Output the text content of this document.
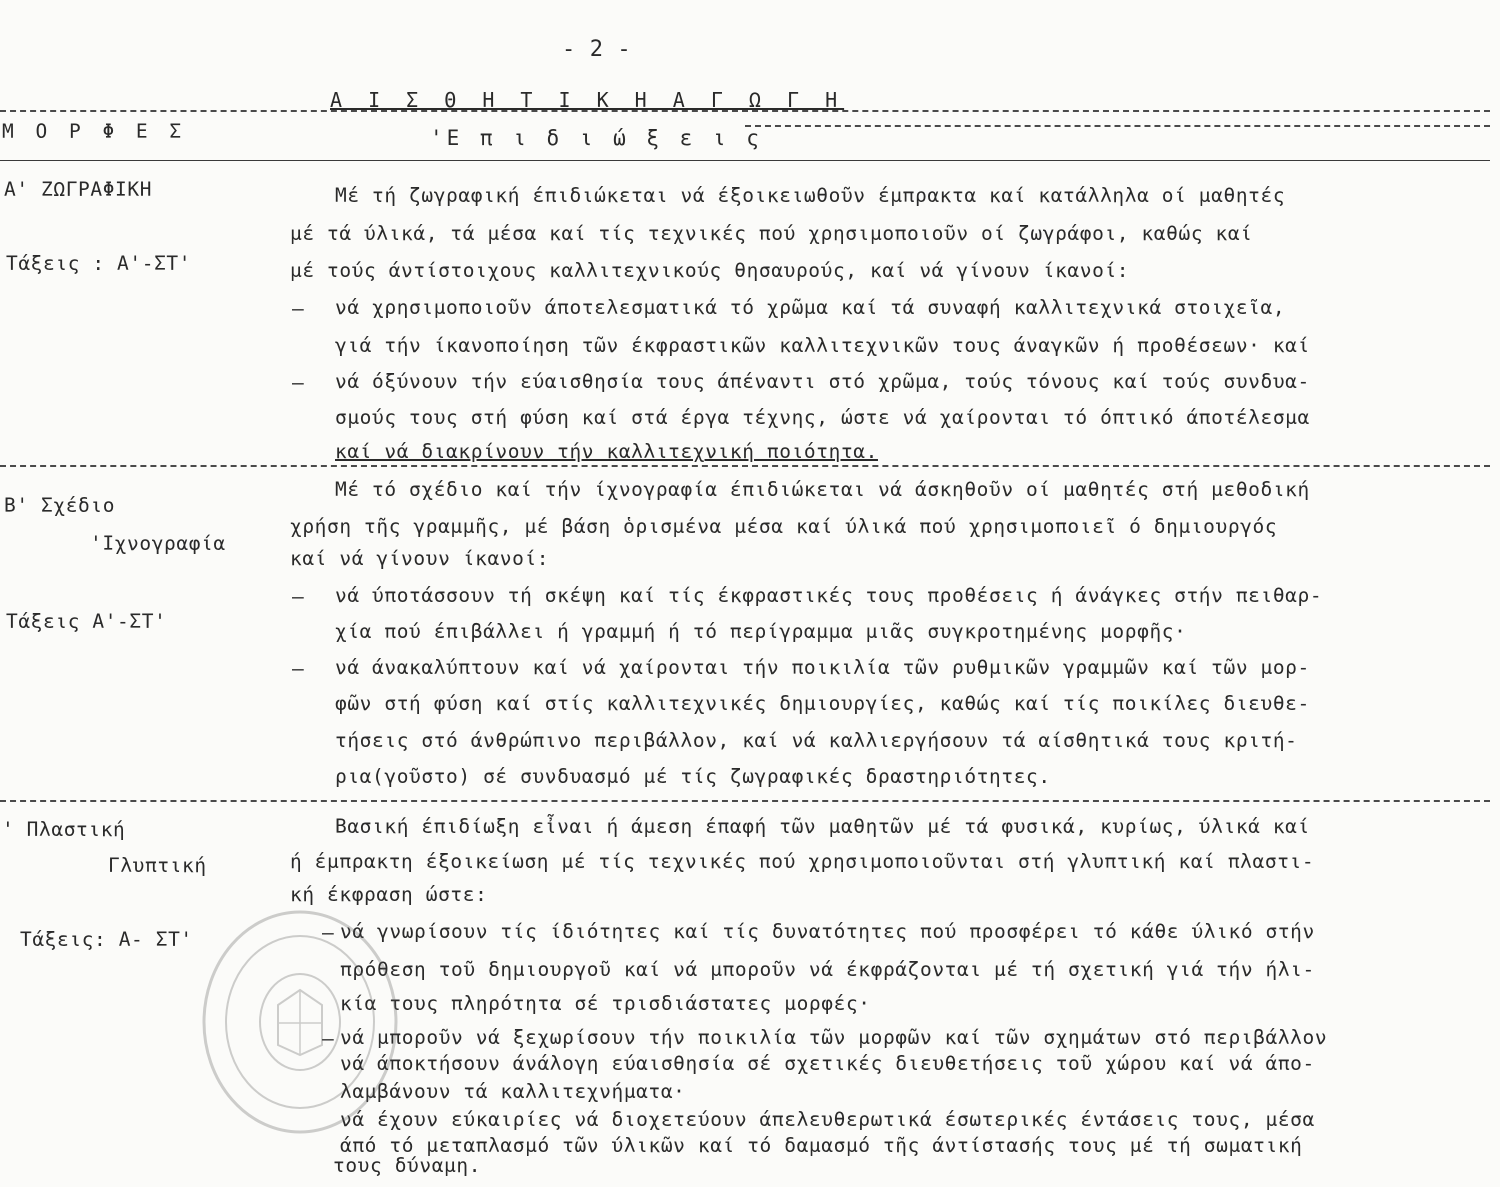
- 2 -
Α Ι Σ Θ Η Τ Ι Κ Η Α Γ Ω Γ Η
Μ Ο Ρ Φ Ε Σ	'Ε π ι δ ι ώ ξ ε ι ς
Α' ΖΩΓΡΑΦΙΚΗ
Τάξεις : Α'-ΣΤ'
Μέ τή ζωγραφική έπιδιώκεται νά έξοικειωθοῦν έμπρακτα καί κατάλληλα οί μαθητές
μέ τά ύλικά, τά μέσα καί τίς τεχνικές πού χρησιμοποιοῦν οί ζωγράφοι, καθώς καί
μέ τούς άντίστοιχους καλλιτεχνικούς θησαυρούς, καί νά γίνουν ίκανοί:
– νά χρησιμοποιοῦν άποτελεσματικά τό χρῶμα καί τά συναφή καλλιτεχνικά στοιχεῖα,
γιά τήν ίκανοποίηση τῶν έκφραστικῶν καλλιτεχνικῶν τους άναγκῶν ή προθέσεων· καί
– νά όξύνουν τήν εύαισθησία τους άπέναντι στό χρῶμα, τούς τόνους καί τούς συνδυα-
σμούς τους στή φύση καί στά έργα τέχνης, ώστε νά χαίρονται τό όπτικό άποτέλεσμα
καί νά διακρίνουν τήν καλλιτεχνική ποιότητα.
Β' Σχέδιο
'Ιχνογραφία
Τάξεις Α'-ΣΤ'
Μέ τό σχέδιο καί τήν ίχνογραφία έπιδιώκεται νά άσκηθοῦν οί μαθητές στή μεθοδική
χρήση τῆς γραμμῆς, μέ βάση ὁρισμένα μέσα καί ύλικά πού χρησιμοποιεῖ ό δημιουργός
καί νά γίνουν ίκανοί:
– νά ύποτάσσουν τή σκέψη καί τίς έκφραστικές τους προθέσεις ή άνάγκες στήν πειθαρ-
χία πού έπιβάλλει ή γραμμή ή τό περίγραμμα μιᾶς συγκροτημένης μορφῆς·
– νά άνακαλύπτουν καί νά χαίρονται τήν ποικιλία τῶν ρυθμικῶν γραμμῶν καί τῶν μορ-
φῶν στή φύση καί στίς καλλιτεχνικές δημιουργίες, καθώς καί τίς ποικίλες διευθε-
τήσεις στό άνθρώπινο περιβάλλον, καί νά καλλιεργήσουν τά αίσθητικά τους κριτή-
ρια(γοῦστο) σέ συνδυασμό μέ τίς ζωγραφικές δραστηριότητες.
' Πλαστική
Γλυπτική
Τάξεις: Α- ΣΤ'
Βασική έπιδίωξη εἶναι ή άμεση έπαφή τῶν μαθητῶν μέ τά φυσικά, κυρίως, ύλικά καί
ή έμπρακτη έξοικείωση μέ τίς τεχνικές πού χρησιμοποιοῦνται στή γλυπτική καί πλαστι-
κή έκφραση ώστε:
– νά γνωρίσουν τίς ίδιότητες καί τίς δυνατότητες πού προσφέρει τό κάθε ύλικό στήν
πρόθεση τοῦ δημιουργοῦ καί νά μποροῦν νά έκφράζονται μέ τή σχετική γιά τήν ήλι-
κία τους πληρότητα σέ τρισδιάστατες μορφές·
– νά μποροῦν νά ξεχωρίσουν τήν ποικιλία τῶν μορφῶν καί τῶν σχημάτων στό περιβάλλον
νά άποκτήσουν άνάλογη εύαισθησία σέ σχετικές διευθετήσεις τοῦ χώρου καί νά άπο-
λαμβάνουν τά καλλιτεχνήματα·
νά έχουν εύκαιρίες νά διοχετεύουν άπελευθερωτικά έσωτερικές έντάσεις τους, μέσα
άπό τό μεταπλασμό τῶν ύλικῶν καί τό δαμασμό τῆς άντίστασής τους μέ τή σωματική
τους δύναμη.
